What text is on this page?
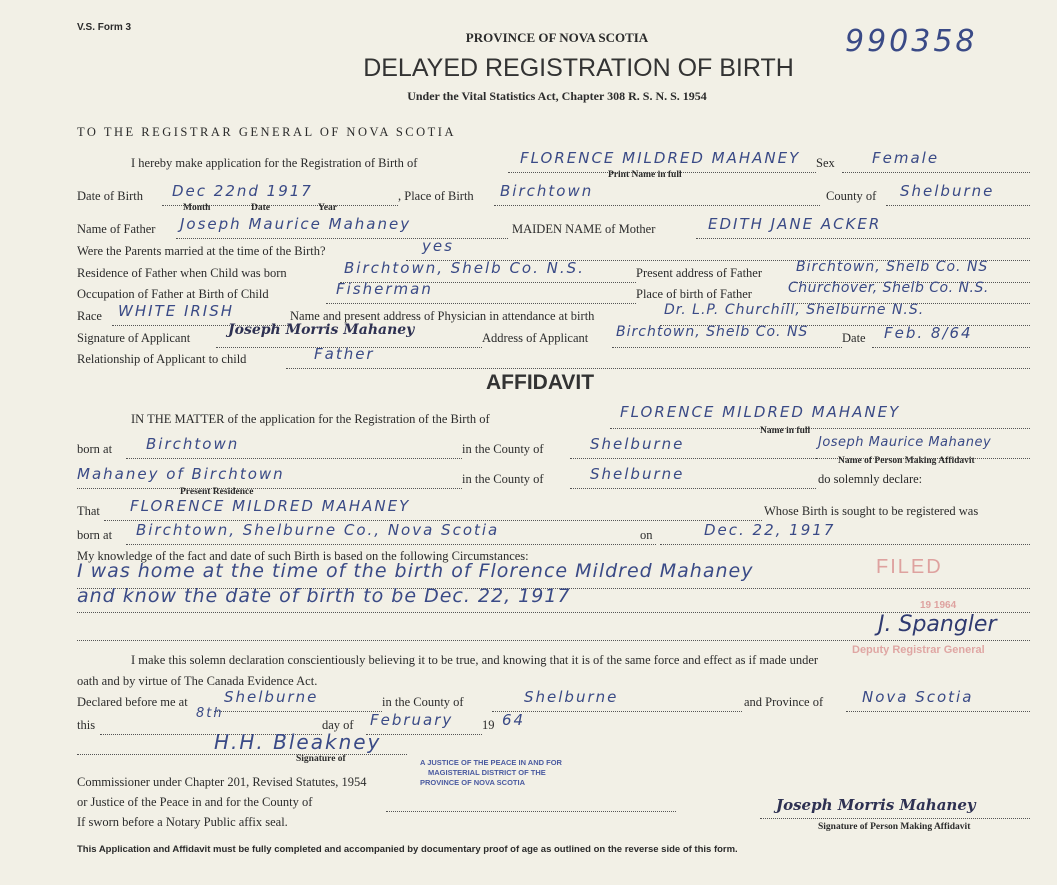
V.S. Form 3	990358
PROVINCE OF NOVA SCOTIA
DELAYED REGISTRATION OF BIRTH
Under the Vital Statistics Act, Chapter 308 R. S. N. S. 1954
TO THE REGISTRAR GENERAL OF NOVA SCOTIA
I hereby make application for the Registration of Birth of	FLORENCE MILDRED MAHANEY Sex Female
Print Name in full
Date of Birth Dec 22nd 1917	, Place of Birth Birchtown	County of Shelburne
Month	Date	Year
Name of Father Joseph Maurice Mahaney	MAIDEN NAME of Mother	EDITH JANE ACKER
Were the Parents married at the time of the Birth?	yes
Residence of Father when Child was born	Birchtown, Shelb Co. N.S.	Present address of Father Birchtown, Shelb Co. NS
Occupation of Father at Birth of Child	Fisherman	Place of birth of Father	Churchover, Shelb Co. N.S.
Race WHITE IRISH	Name and present address of Physician in attendance at birth	Dr. L.P. Churchill, Shelburne N.S.
Signature of Applicant	Joseph Morris Mahaney	Address of Applicant Birchtown, Shelb Co. NS	Date Feb. 8/64
Relationship of Applicant to child	Father
AFFIDAVIT
IN THE MATTER of the application for the Registration of the Birth of	FLORENCE MILDRED MAHANEY
Name in full
born at Birchtown	in the County of	Shelburne	Joseph Maurice Mahaney
Name of Person Making Affidavit
Mahaney of Birchtown
Present Residence
in the County of	Shelburne	do solemnly declare:
That FLORENCE MILDRED MAHANEY	Whose Birth is sought to be registered was
born at Birchtown, Shelburne Co., Nova Scotia	on	Dec. 22, 1917
My knowledge of the fact and date of such Birth is based on the following Circumstances:
I was home at the time of the birth of Florence Mildred Mahaney
and know the date of birth to be Dec. 22, 1917
I make this solemn declaration conscientiously believing it to be true, and knowing that it is of the same force and effect as if made under
oath and by virtue of The Canada Evidence Act.
Declared before me at Shelburne	in the County of	Shelburne	and Province of	Nova Scotia
this
8th
day of February 19 64
H.H. Bleakney
Signature of	A JUSTICE OF THE PEACE IN AND FOR
MAGISTERIAL DISTRICT OF THE
PROVINCE OF NOVA SCOTIA
Commissioner under Chapter 201, Revised Statutes, 1954
or Justice of the Peace in and for the County of
If sworn before a Notary Public affix seal.
Joseph Morris Mahaney
Signature of Person Making Affidavit
FILED
19 1964
J. Spangler
Deputy Registrar General
This Application and Affidavit must be fully completed and accompanied by documentary proof of age as outlined on the reverse side of this form.
